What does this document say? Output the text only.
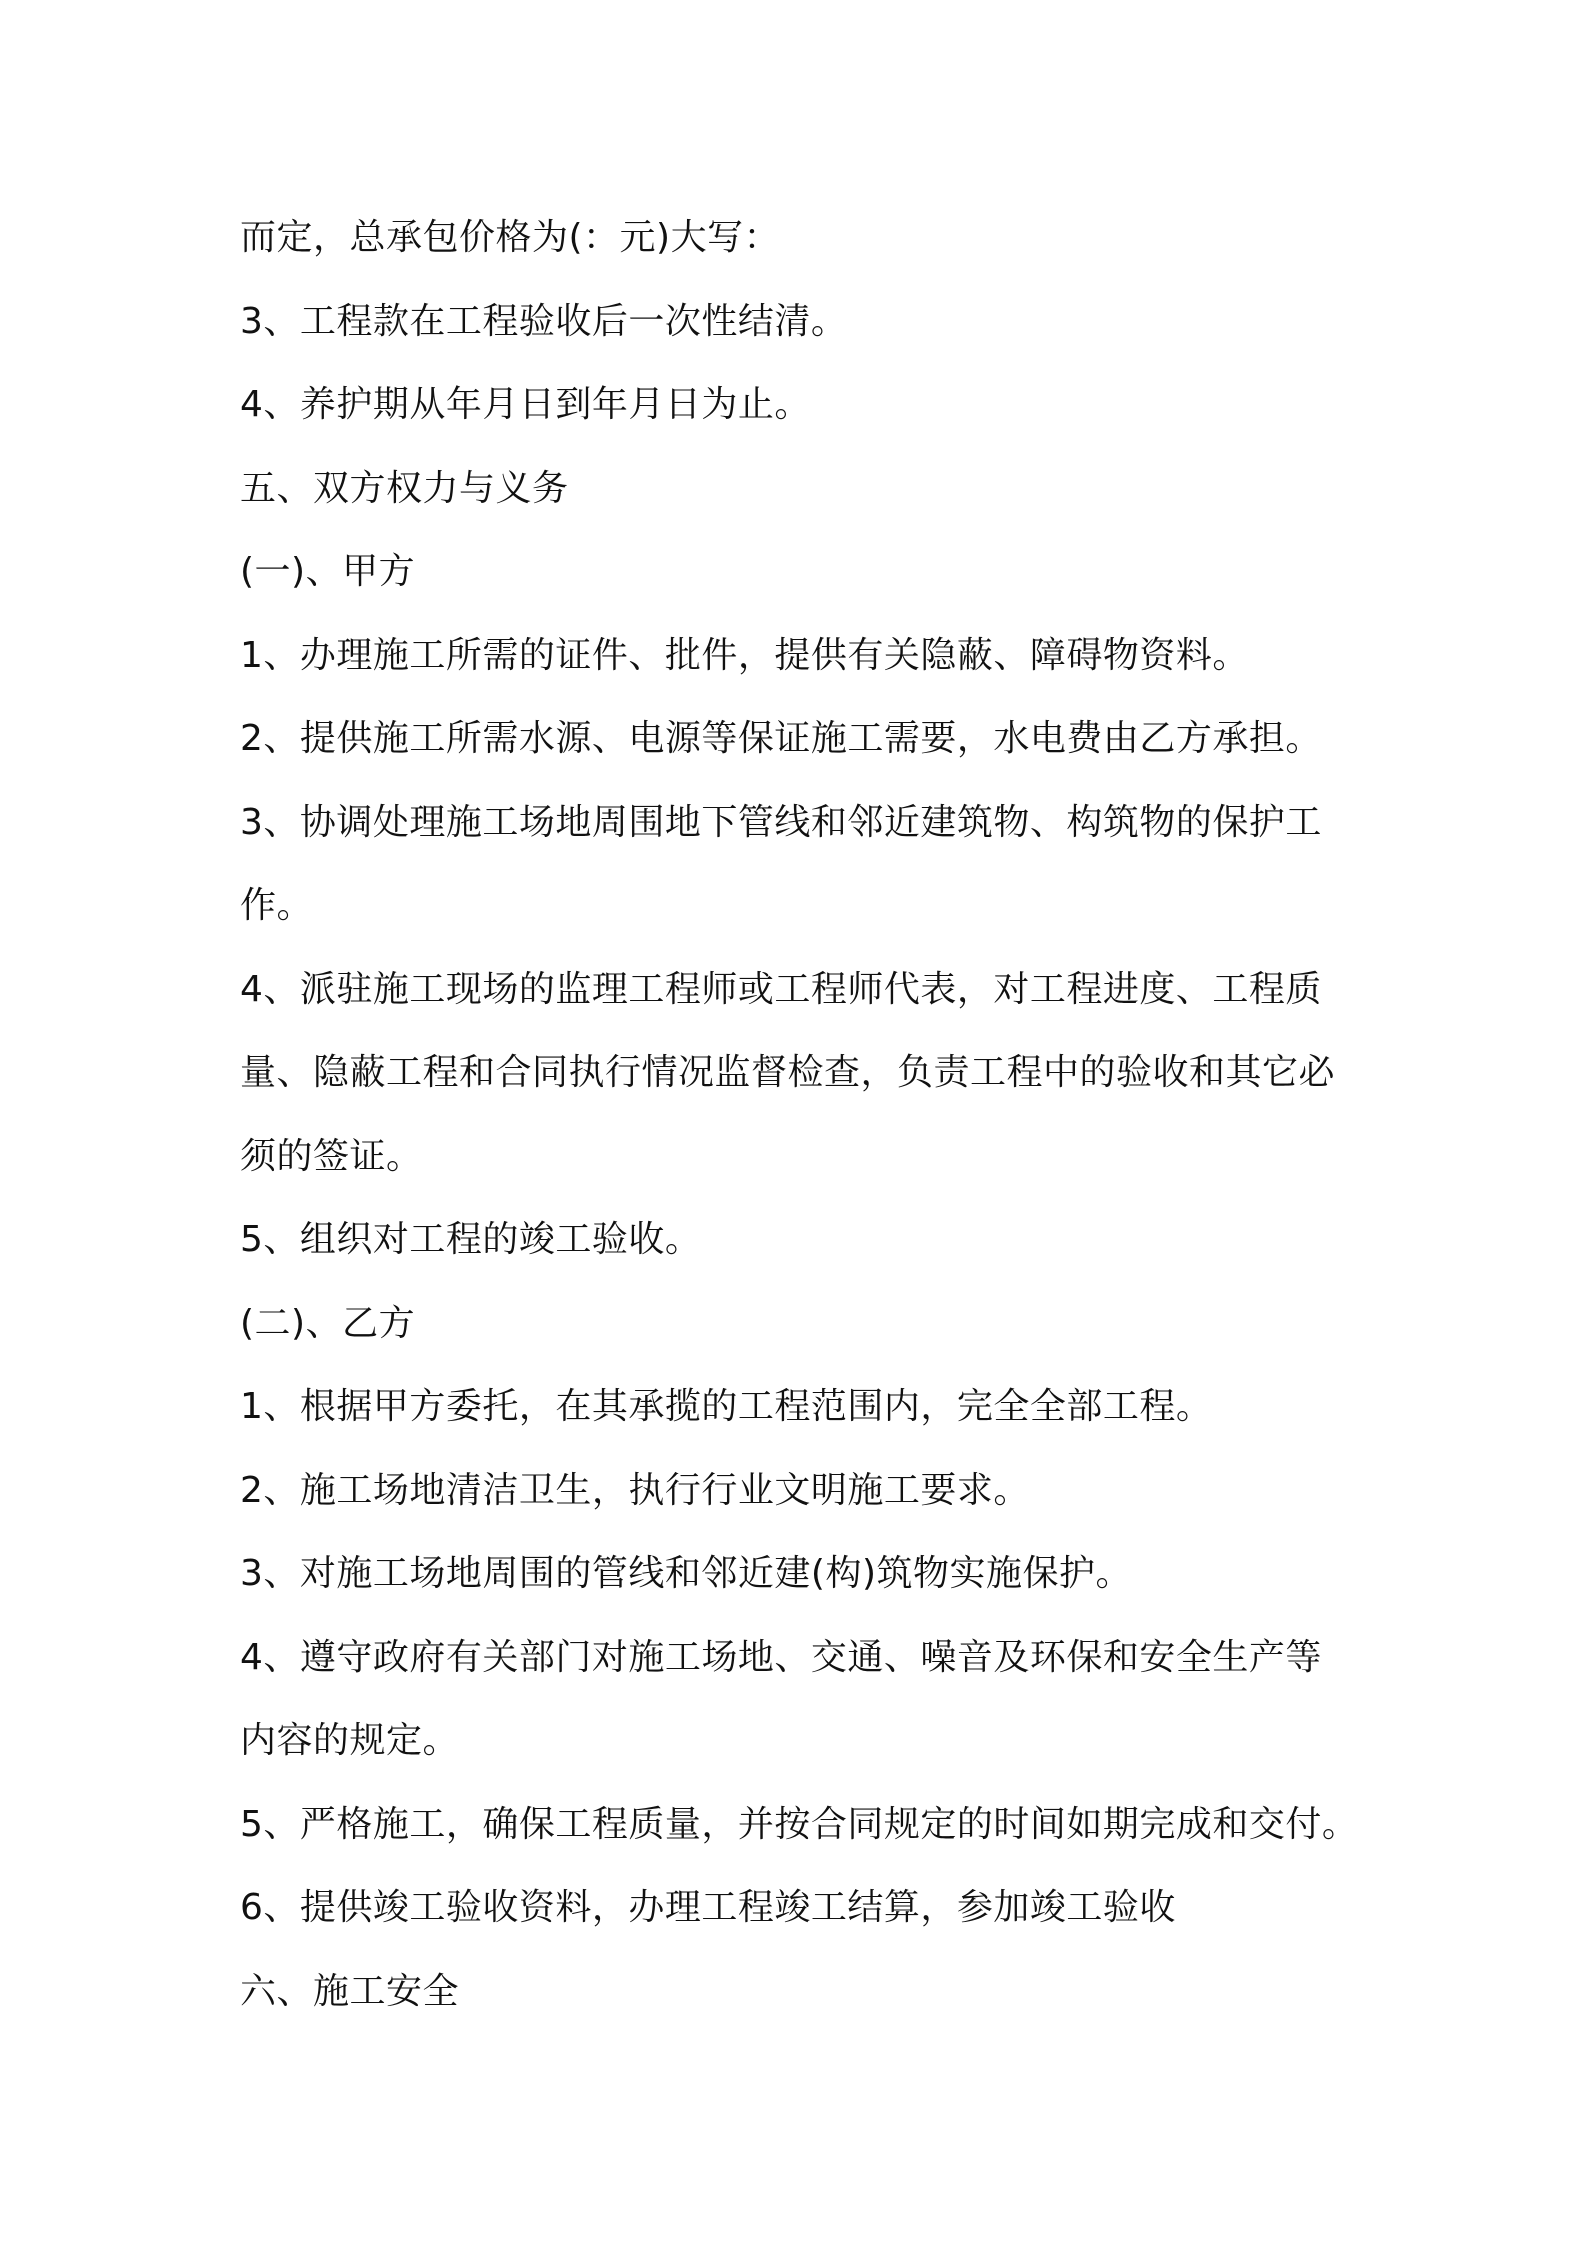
而定，总承包价格为(：元)大写：
3、工程款在工程验收后一次性结清。
4、养护期从年月日到年月日为止。
五、双方权力与义务
(一)、甲方
1、办理施工所需的证件、批件，提供有关隐蔽、障碍物资料。
2、提供施工所需水源、电源等保证施工需要，水电费由乙方承担。
3、协调处理施工场地周围地下管线和邻近建筑物、构筑物的保护工
作。
4、派驻施工现场的监理工程师或工程师代表，对工程进度、工程质
量、隐蔽工程和合同执行情况监督检查，负责工程中的验收和其它必
须的签证。
5、组织对工程的竣工验收。
(二)、乙方
1、根据甲方委托，在其承揽的工程范围内，完全全部工程。
2、施工场地清洁卫生，执行行业文明施工要求。
3、对施工场地周围的管线和邻近建(构)筑物实施保护。
4、遵守政府有关部门对施工场地、交通、噪音及环保和安全生产等
内容的规定。
5、严格施工，确保工程质量，并按合同规定的时间如期完成和交付。
6、提供竣工验收资料，办理工程竣工结算，参加竣工验收
六、施工安全
